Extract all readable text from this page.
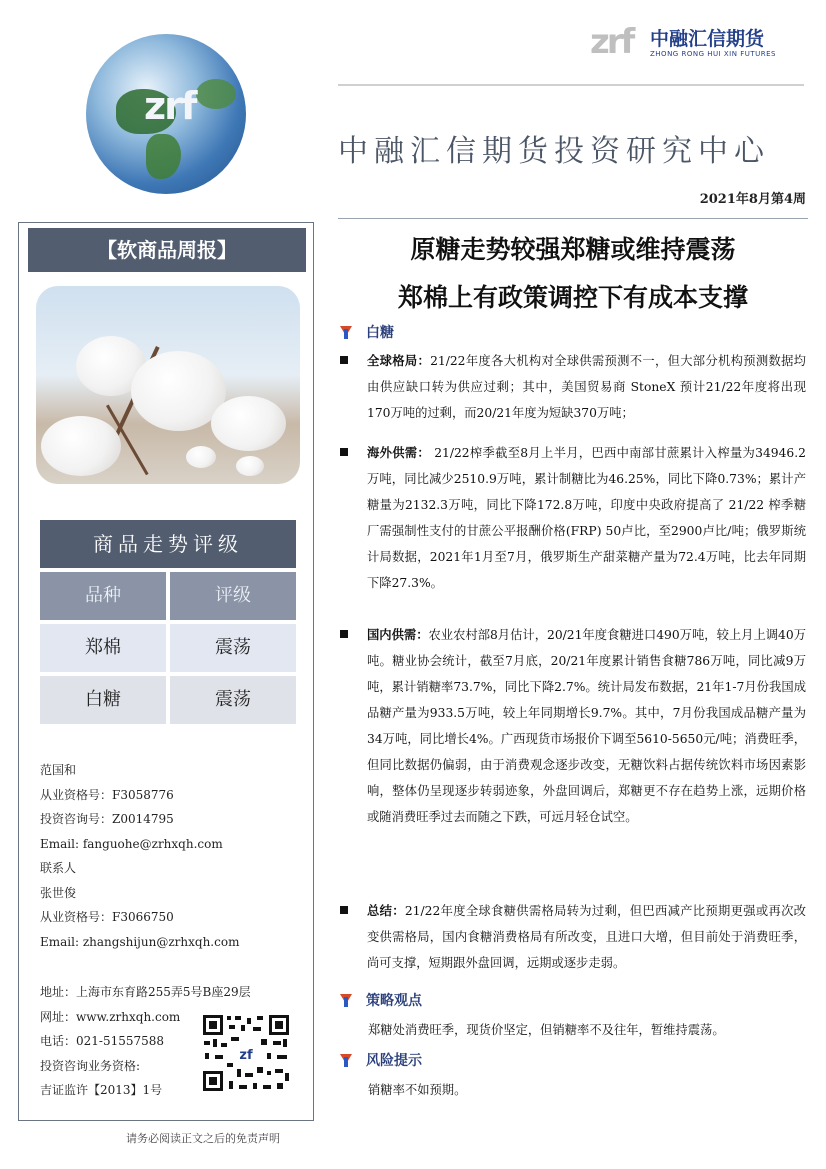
zrf
zrf 中融汇信期货
ZHONG RONG HUI XIN FUTURES
中融汇信期货投资研究中心
2021年8月第4周
【软商品周报】
商品走势评级
品种	评级
郑棉	震荡
白糖	震荡
范国和
从业资格号：F3058776
投资咨询号：Z0014795
Email: fanguohe@zrhxqh.com
联系人
张世俊
从业资格号：F3066750
Email: zhangshijun@zrhxqh.com
地址：上海市东育路255弄5号B座29层
网址：www.zrhxqh.com
电话：021-51557588
投资咨询业务资格:
吉证监许【2013】1号
zf
请务必阅读正文之后的免责声明
原糖走势较强郑糖或维持震荡
郑棉上有政策调控下有成本支撑
白糖
全球格局：21/22年度各大机构对全球供需预测不一，但大部分机构预测数据均由供应缺口转为供应过剩；其中，美国贸易商 StoneX 预计21/22年度将出现170万吨的过剩，而20/21年度为短缺370万吨；
海外供需： 21/22榨季截至8月上半月，巴西中南部甘蔗累计入榨量为34946.2万吨，同比减少2510.9万吨，累计制糖比为46.25%，同比下降0.73%；累计产糖量为2132.3万吨，同比下降172.8万吨，印度中央政府提高了 21/22 榨季糖厂需强制性支付的甘蔗公平报酬价格(FRP) 50卢比，至2900卢比/吨；俄罗斯统计局数据，2021年1月至7月，俄罗斯生产甜菜糖产量为72.4万吨，比去年同期下降27.3%。
国内供需：农业农村部8月估计，20/21年度食糖进口490万吨，较上月上调40万吨。糖业协会统计，截至7月底，20/21年度累计销售食糖786万吨，同比减9万吨，累计销糖率73.7%，同比下降2.7%。统计局发布数据，21年1-7月份我国成品糖产量为933.5万吨，较上年同期增长9.7%。其中，7月份我国成品糖产量为34万吨，同比增长4%。广西现货市场报价下调至5610-5650元/吨；消费旺季，但同比数据仍偏弱，由于消费观念逐步改变，无糖饮料占据传统饮料市场因素影响，整体仍呈现逐步转弱迹象，外盘回调后，郑糖更不存在趋势上涨，远期价格或随消费旺季过去而随之下跌，可远月轻仓试空。
总结：21/22年度全球食糖供需格局转为过剩，但巴西减产比预期更强或再次改变供需格局，国内食糖消费格局有所改变，且进口大增，但目前处于消费旺季，尚可支撑，短期跟外盘回调，远期或逐步走弱。
策略观点
郑糖处消费旺季，现货价坚定，但销糖率不及往年，暂维持震荡。
风险提示
销糖率不如预期。
